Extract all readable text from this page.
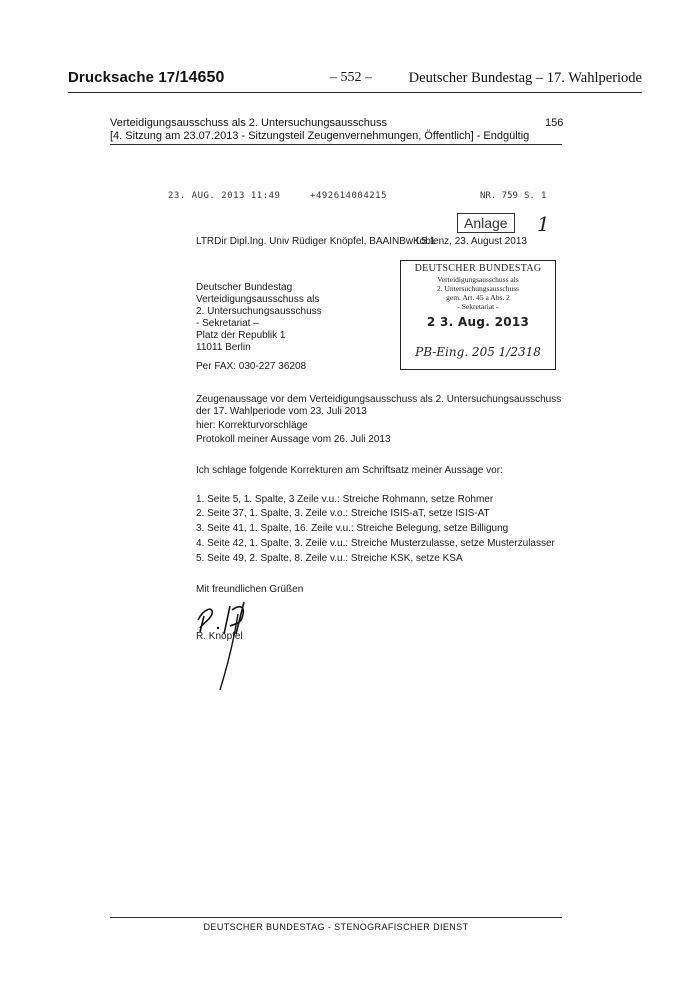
Drucksache 17/14650	– 552 –	Deutscher Bundestag – 17. Wahlperiode
Verteidigungsausschuss als 2. Untersuchungsausschuss	156
[4. Sitzung am 23.07.2013 - Sitzungsteil Zeugenvernehmungen, Öffentlich] - Endgültig
23. AUG. 2013 11:49	+492614004215	NR. 759 S. 1
Anlage	1
LTRDir Dipl.Ing. Univ Rüdiger Knöpfel, BAAINBw I.5.1
Koblenz, 23. August 2013
Deutscher Bundestag
Verteidigungsausschuss als
2. Untersuchungsausschuss
- Sekretariat –
Platz der Republik 1
11011 Berlin
Per FAX: 030-227 36208
DEUTSCHER BUNDESTAG
Verteidigungsausschuss als
2. Untersuchungsausschuss
gem. Art. 45 a Abs. 2
- Sekretariat -
2 3. Aug. 2013
PB-Eing. 205 1/2318
Zeugenaussage vor dem Verteidigungsausschuss als 2. Untersuchungsausschuss
der 17. Wahlperiode vom 23. Juli 2013
hier: Korrekturvorschläge
Protokoll meiner Aussage vom 26. Juli 2013
Ich schlage folgende Korrekturen am Schriftsatz meiner Aussage vor:
1. Seite 5, 1. Spalte, 3 Zeile v.u.: Streiche Rohmann, setze Rohmer
2. Seite 37, 1. Spalte, 3. Zeile v.o.: Streiche ISIS-aT, setze ISIS-AT
3. Seite 41, 1. Spalte, 16. Zeile v.u.: Streiche Belegung, setze Billigung
4. Seite 42, 1. Spalte, 3. Zeile v.u.: Streiche Musterzulasse, setze Musterzulasser
5. Seite 49, 2. Spalte, 8. Zeile v.u.: Streiche KSK, setze KSA
Mit freundlichen Grüßen
R. Knöpfel
DEUTSCHER BUNDESTAG - STENOGRAFISCHER DIENST
